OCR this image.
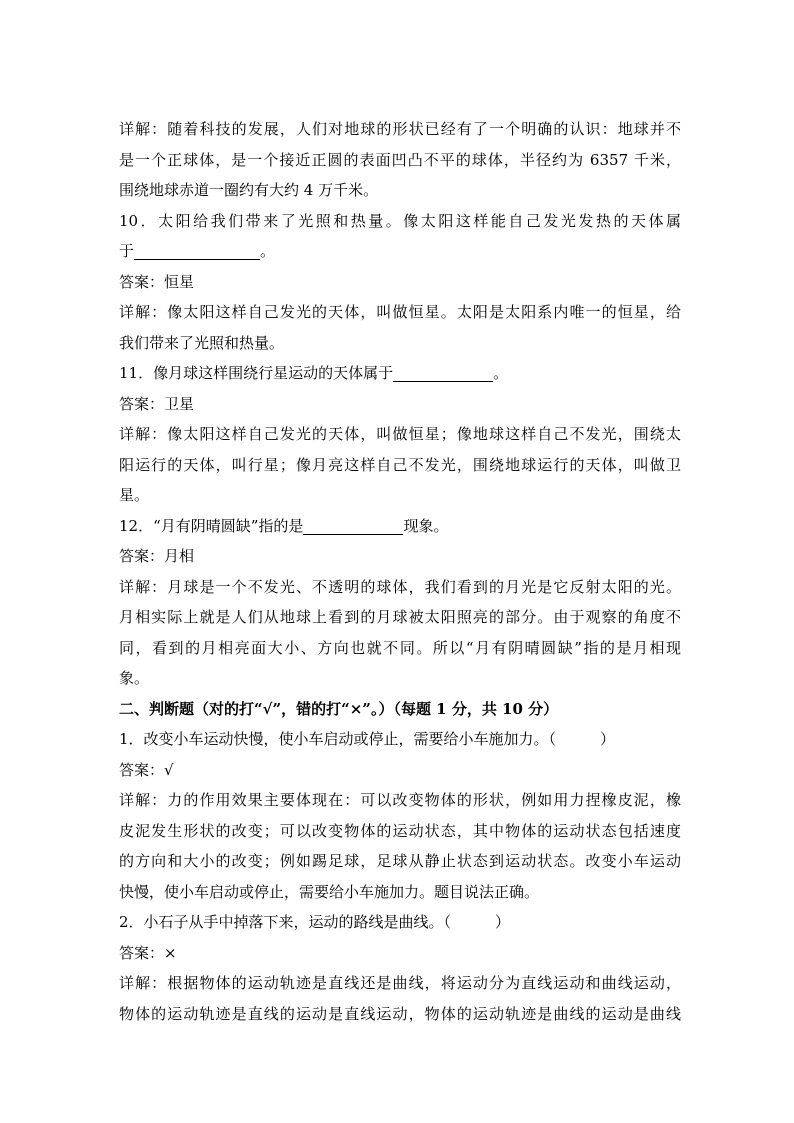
详解：随着科技的发展，人们对地球的形状已经有了一个明确的认识：地球并不
是一个正球体，是一个接近正圆的表面凹凸不平的球体，半径约为 6357 千米，
围绕地球赤道一圈约有大约 4 万千米。
10．太阳给我们带来了光照和热量。像太阳这样能自己发光发热的天体属
于	。
答案：恒星
详解：像太阳这样自己发光的天体，叫做恒星。太阳是太阳系内唯一的恒星，给
我们带来了光照和热量。
11．像月球这样围绕行星运动的天体属于	。
答案：卫星
详解：像太阳这样自己发光的天体，叫做恒星；像地球这样自己不发光，围绕太
阳运行的天体，叫行星；像月亮这样自己不发光，围绕地球运行的天体，叫做卫
星。
12．“月有阴晴圆缺”指的是	现象。
答案：月相
详解：月球是一个不发光、不透明的球体，我们看到的月光是它反射太阳的光。
月相实际上就是人们从地球上看到的月球被太阳照亮的部分。由于观察的角度不
同，看到的月相亮面大小、方向也就不同。所以“月有阴晴圆缺”指的是月相现
象。
二、判断题（对的打“√”，错的打“×”。）（每题 1 分，共 10 分）
1．改变小车运动快慢，使小车启动或停止，需要给小车施加力。（	）
答案：√
详解：力的作用效果主要体现在：可以改变物体的形状，例如用力捏橡皮泥，橡
皮泥发生形状的改变；可以改变物体的运动状态，其中物体的运动状态包括速度
的方向和大小的改变；例如踢足球，足球从静止状态到运动状态。改变小车运动
快慢，使小车启动或停止，需要给小车施加力。题目说法正确。
2．小石子从手中掉落下来，运动的路线是曲线。（	）
答案：×
详解：根据物体的运动轨迹是直线还是曲线，将运动分为直线运动和曲线运动，
物体的运动轨迹是直线的运动是直线运动，物体的运动轨迹是曲线的运动是曲线
